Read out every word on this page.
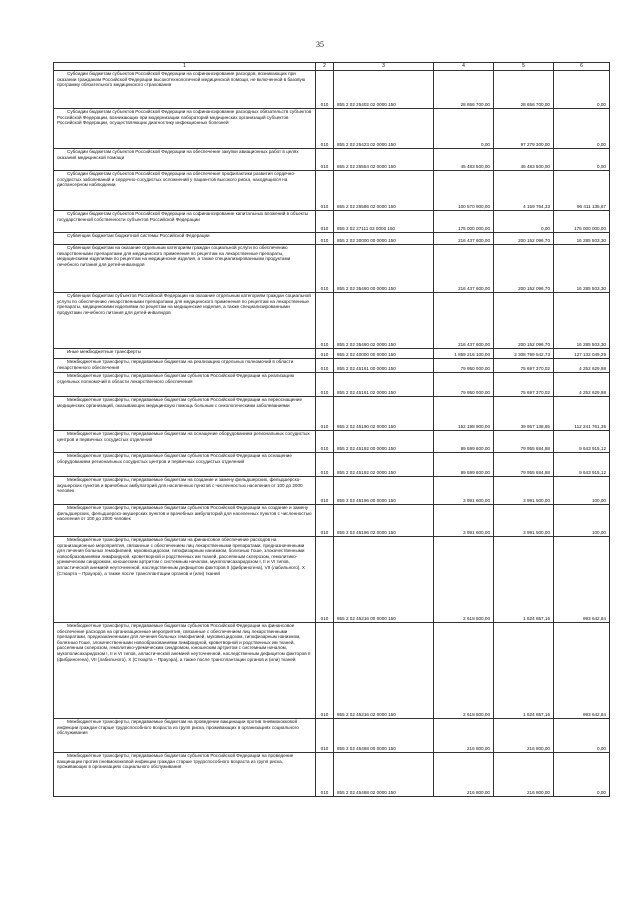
35
1	2	3	4	5	6
Субсидии бюджетам субъектов Российской Федерации на софинансирование расходов, возникающих при оказании гражданам Российской Федерации высокотехнологичной медицинской помощи, не включенной в базовую программу обязательного медицинского страхования	010	855 2 02 25402 02 0000 150	28 656 700,00	28 656 700,00	0,00
Субсидии бюджетам субъектов Российской Федерации на софинансирование расходных обязательств субъектов Российской Федерации, возникающих при модернизации лабораторий медицинских организаций субъектов Российской Федерации, осуществляющих диагностику инфекционных болезней	010	855 2 02 25423 02 0000 150	0,00	97 279 300,00	0,00
Субсидии бюджетам субъектов Российской Федерации на обеспечение закупки авиационных работ в целях оказания медицинской помощи	010	855 2 02 25554 02 0000 150	45 483 500,00	45 483 500,00	0,00
Субсидии бюджетам субъектов Российской Федерации на обеспечение профилактики развития сердечно-сосудистых заболеваний и сердечно-сосудистых осложнений у пациентов высокого риска, находящихся на диспансерном наблюдении	010	855 2 02 25586 02 0000 150	100 570 900,00	4 159 764,33	96 411 135,67
Субсидии бюджетам субъектов Российской Федерации на софинансирование капитальных вложений в объекты государственной собственности субъектов Российской Федерации	010	855 2 02 27111 02 0000 150	175 000 000,00	0,00	175 000 000,00
Субвенции бюджетам бюджетной системы Российской Федерации	010	855 2 02 30000 00 0000 150	216 437 600,00	200 152 096,70	16 285 503,30
Субвенции бюджетам на оказание отдельным категориям граждан социальной услуги по обеспечению лекарственными препаратами для медицинского применения по рецептам на лекарственные препараты, медицинскими изделиями по рецептам на медицинские изделия, а также специализированными продуктами лечебного питания для детей-инвалидов	010	855 2 02 35460 00 0000 150	216 437 600,00	200 152 096,70	16 285 503,30
Субвенции бюджетам субъектов Российской Федерации на оказание отдельным категориям граждан социальной услуги по обеспечению лекарственными препаратами для медицинского применения по рецептам на лекарственные препараты, медицинскими изделиями по рецептам на медицинские изделия, а также специализированными продуктами лечебного питания для детей-инвалидов	010	855 2 02 35460 02 0000 150	216 437 600,00	200 152 096,70	16 285 503,30
Иные межбюджетные трансферты	010	855 2 02 40000 00 0000 150	1 859 216 100,00	2 308 799 542,73	127 132 049,29
Межбюджетные трансферты, передаваемые бюджетам на реализацию отдельных полномочий в области лекарственного обеспечения	010	855 2 02 45161 00 0000 150	79 950 000,00	75 697 370,02	4 252 629,98
Межбюджетные трансферты, передаваемые бюджетам субъектов Российской Федерации на реализацию отдельных полномочий в области лекарственного обеспечения	010	855 2 02 45161 02 0000 150	79 950 000,00	75 697 370,02	4 252 629,98
Межбюджетные трансферты, передаваемые бюджетам субъектов Российской Федерации на переоснащение медицинских организаций, оказывающих медицинскую помощь больным с онкологическими заболеваниями	010	855 2 02 45190 02 0000 150	152 198 900,00	39 957 138,65	112 241 761,35
Межбюджетные трансферты, передаваемые бюджетам на оснащение оборудованием региональных сосудистых центров и первичных сосудистых отделений	010	855 2 02 45192 00 0000 150	89 599 600,00	79 955 684,88	9 643 915,12
Межбюджетные трансферты, передаваемые бюджетам субъектов Российской Федерации на оснащение оборудованием региональных сосудистых центров и первичных сосудистых отделений	010	855 2 02 45192 02 0000 150	89 599 600,00	79 955 684,88	9 643 915,12
Межбюджетные трансферты, передаваемые бюджетам на создание и замену фельдшерских, фельдшерско-акушерских пунктов и врачебных амбулаторий для населенных пунктов с численностью населения от 100 до 2000 человек	010	855 2 02 45196 00 0000 150	3 991 600,00	3 991 500,00	100,00
Межбюджетные трансферты, передаваемые бюджетам субъектов Российской Федерации на создание и замену фельдшерских, фельдшерско-акушерских пунктов и врачебных амбулаторий для населенных пунктов с численностью населения от 100 до 2000 человек	010	855 2 02 45196 02 0000 150	3 991 600,00	3 991 500,00	100,00
Межбюджетные трансферты, передаваемые бюджетам на финансовое обеспечение расходов на организационные мероприятия, связанные с обеспечением лиц лекарственными препаратами, предназначенными для лечения больных гемофилией, муковисцидозом, гипофизарным нанизмом, болезнью Гоше, злокачественными новообразованиями лимфоидной, кроветворной и родственных им тканей, рассеянным склерозом, гемолитико-уремическим синдромом, юношеским артритом с системным началом, мукополисахаридозом I, II и VI типов, апластической анемией неуточненной, наследственным дефицитом факторов II (фибриногена), VII (лабильного), X (Стюарта – Прауэра), а также после трансплантации органов и (или) тканей	010	855 2 02 45216 00 0000 150	2 618 500,00	1 624 857,16	993 642,84
Межбюджетные трансферты, передаваемые бюджетам субъектов Российской Федерации на финансовое обеспечение расходов на организационные мероприятия, связанные с обеспечением лиц лекарственными препаратами, предназначенными для лечения больных гемофилией, муковисцидозом, гипофизарным нанизмом, болезнью Гоше, злокачественными новообразованиями лимфоидной, кроветворной и родственных им тканей, рассеянным склерозом, гемолитико-уремическим синдромом, юношеским артритом с системным началом, мукополисахаридозом I, II и VI типов, апластической анемией неуточненной, наследственным дефицитом факторов II (фибриногена), VII (лабильного), X (Стюарта – Прауэра), а также после трансплантации органов и (или) тканей	010	855 2 02 45216 02 0000 150	2 618 500,00	1 624 857,16	993 642,84
Межбюджетные трансферты, передаваемые бюджетам на проведение вакцинации против пневмококковой инфекции граждан старше трудоспособного возраста из групп риска, проживающих в организациях социального обслуживания	010	855 2 02 45468 00 0000 150	216 800,00	216 800,00	0,00
Межбюджетные трансферты, передаваемые бюджетам субъектов Российской Федерации на проведение вакцинации против пневмококковой инфекции граждан старше трудоспособного возраста из групп риска, проживающих в организациях социального обслуживания	010	855 2 02 45468 02 0000 150	216 800,00	216 800,00	0,00
